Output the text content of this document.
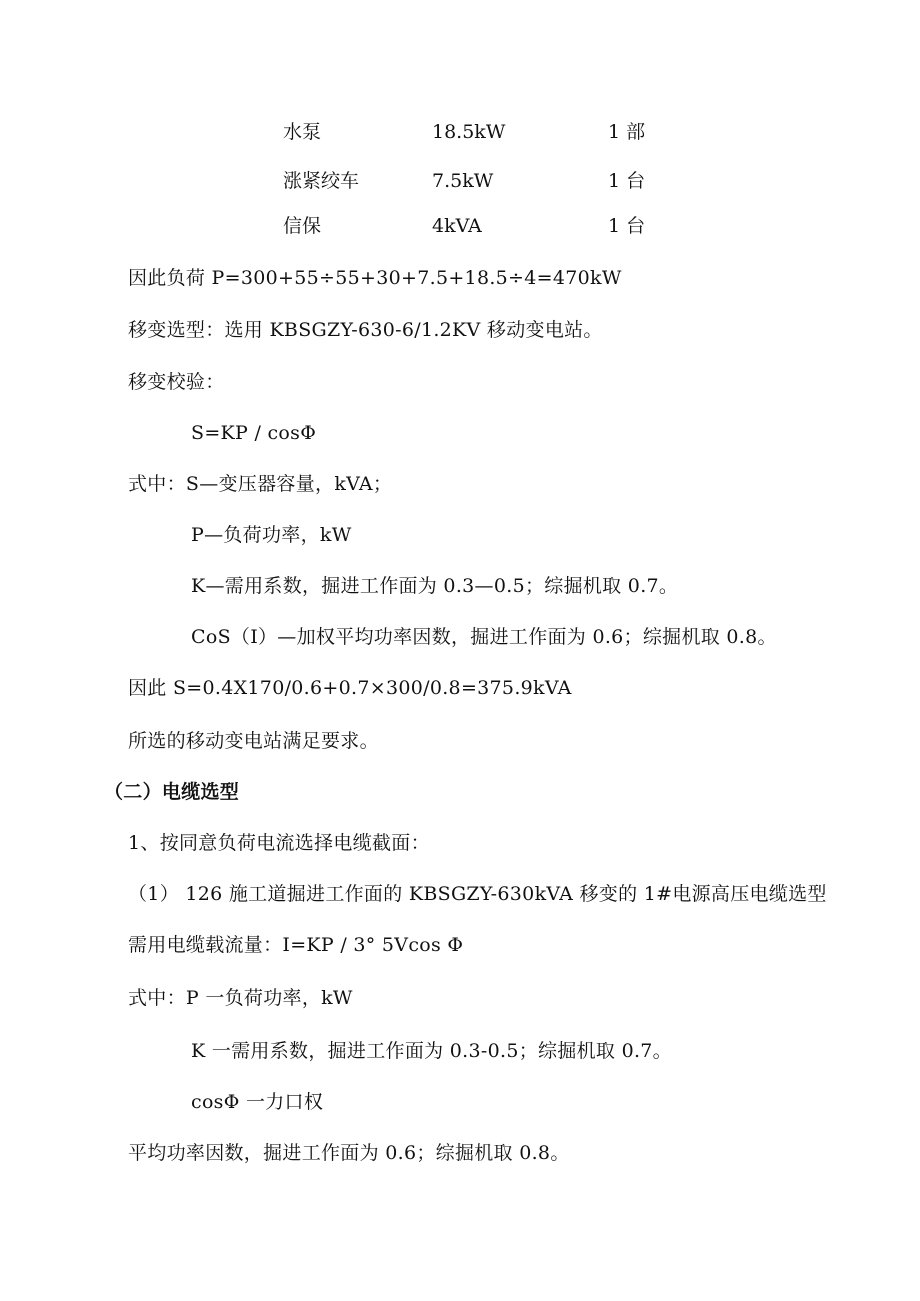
水泵	18.5kW	1 部
涨紧绞车	7.5kW	1 台
信保	4kVA	1 台
因此负荷 P=300+55÷55+30+7.5+18.5÷4=470kW
移变选型：选用 KBSGZY-630-6/1.2KV 移动变电站。
移变校验：
S=KP / cosΦ
式中：S—变压器容量，kVA；
P—负荷功率，kW
K—需用系数，掘进工作面为 0.3—0.5；综掘机取 0.7。
CoS（I）—加权平均功率因数，掘进工作面为 0.6；综掘机取 0.8。
因此 S=0.4X170/0.6+0.7×300/0.8=375.9kVA
所选的移动变电站满足要求。
（二）电缆选型
1、按同意负荷电流选择电缆截面：
（1） 126 施工道掘进工作面的 KBSGZY-630kVA 移变的 1#电源高压电缆选型
需用电缆载流量：I=KP / 3° 5Vcos Φ
式中：P 一负荷功率，kW
K 一需用系数，掘进工作面为 0.3-0.5；综掘机取 0.7。
cosΦ 一力口权
平均功率因数，掘进工作面为 0.6；综掘机取 0.8。
